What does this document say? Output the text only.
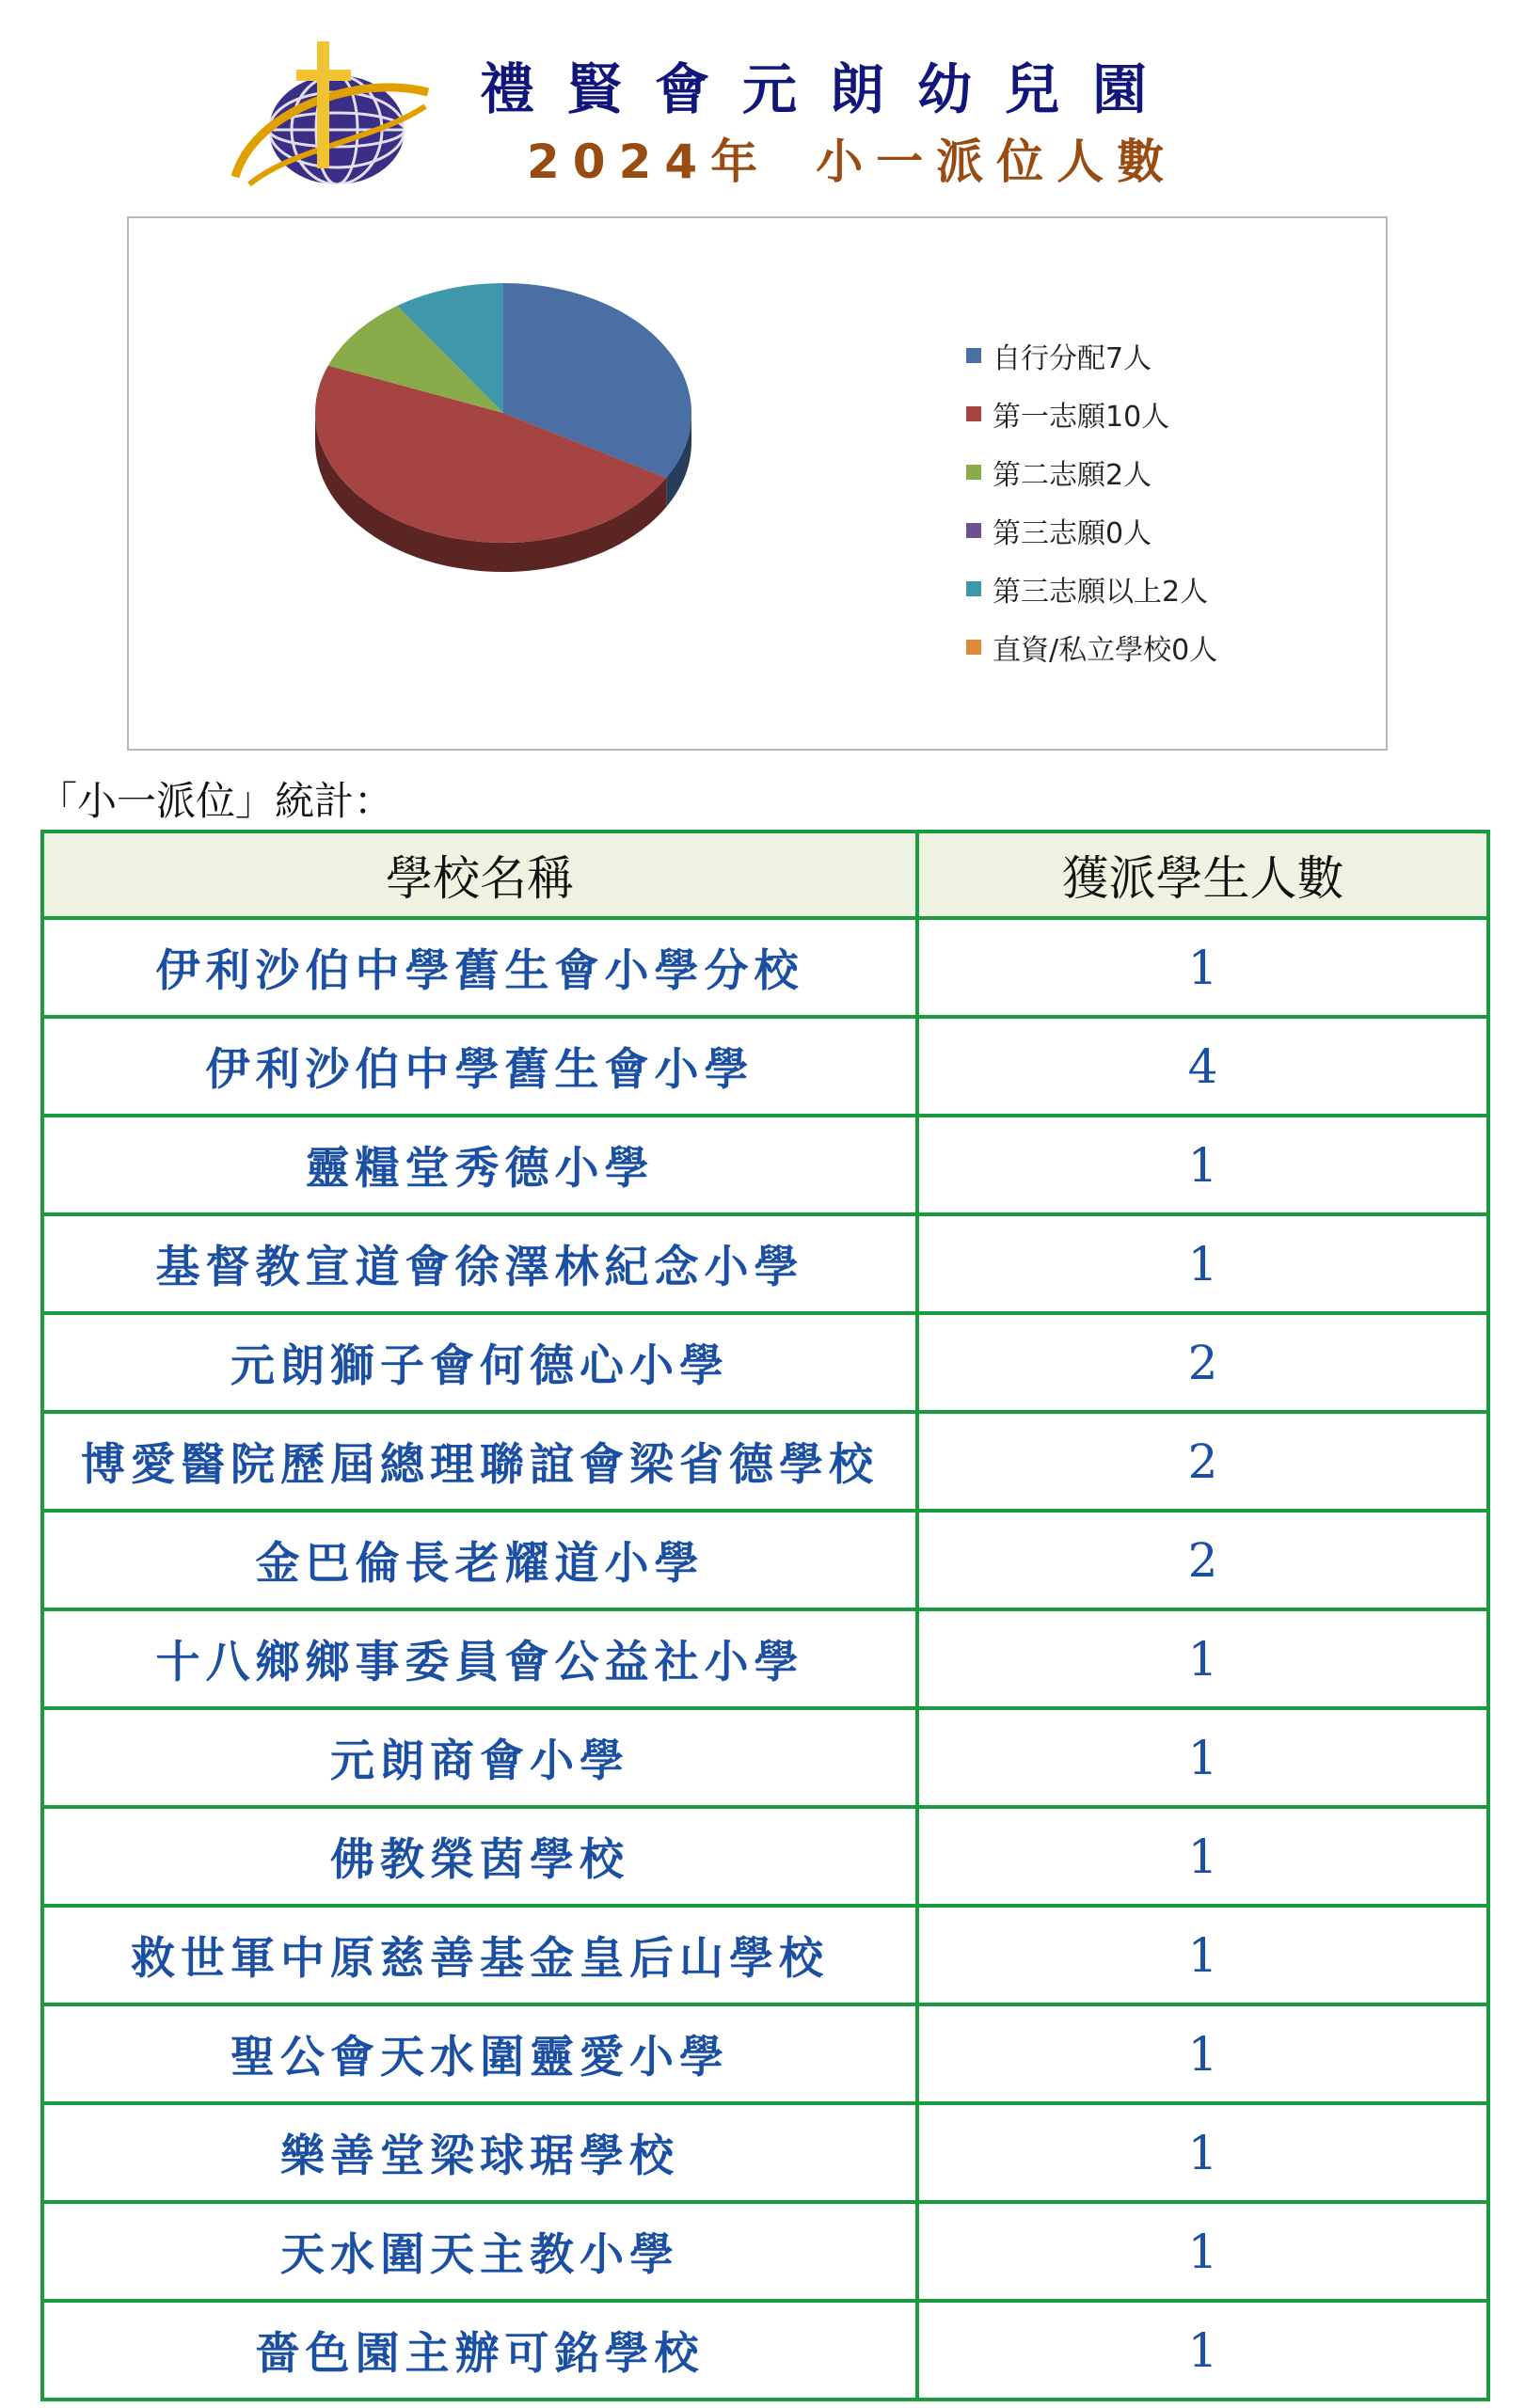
禮賢會元朗幼兒園
2024年 小一派位人數
自行分配7人
第一志願10人
第二志願2人
第三志願0人
第三志願以上2人
直資/私立學校0人
「小一派位」統計：
學校名稱	獲派學生人數
伊利沙伯中學舊生會小學分校	1
伊利沙伯中學舊生會小學	4
靈糧堂秀德小學	1
基督教宣道會徐澤林紀念小學	1
元朗獅子會何德心小學	2
博愛醫院歷屆總理聯誼會梁省德學校	2
金巴倫長老耀道小學	2
十八鄉鄉事委員會公益社小學	1
元朗商會小學	1
佛教榮茵學校	1
救世軍中原慈善基金皇后山學校	1
聖公會天水圍靈愛小學	1
樂善堂梁球琚學校	1
天水圍天主教小學	1
嗇色園主辦可銘學校	1
